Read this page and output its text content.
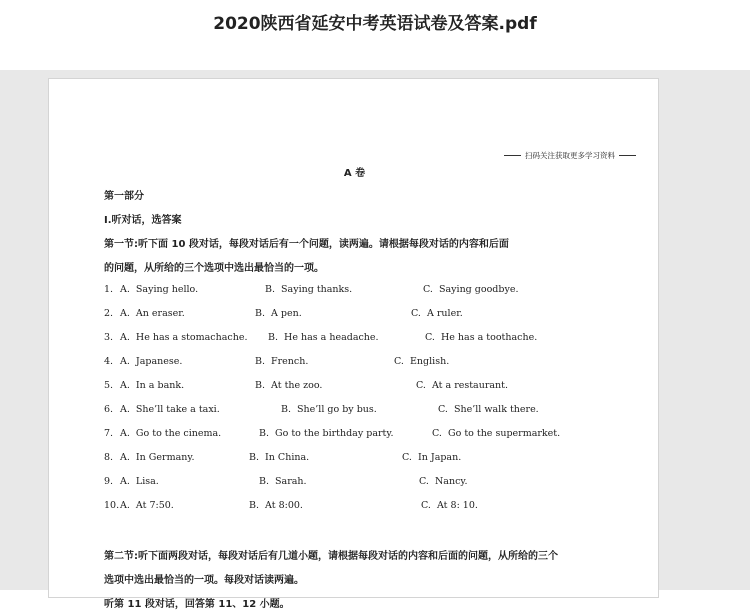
2020陕西省延安中考英语试卷及答案.pdf
扫码关注获取更多学习资料
A 卷
第一部分
I.听对话，选答案
第一节:听下面 10 段对话，每段对话后有一个问题，读两遍。请根据每段对话的内容和后面
的问题，从所给的三个选项中选出最恰当的一项。
1. A.  Saying hello.	B.  Saying thanks.	C.  Saying goodbye.
2. A.  An eraser.	B.  A pen.	C.  A ruler.
3. A.  He has a stomachache. B.  He has a headache.	C.  He has a toothache.
4. A.  Japanese.	B.  French.	C.  English.
5. A.  In a bank.	B.  At the zoo.	C.  At a restaurant.
6. A.  She’ll take a taxi.	B.  She’ll go by bus.	C.  She’ll walk there.
7. A.  Go to the cinema.	B.  Go to the birthday party.	C.  Go to the supermarket.
8. A.  In Germany.	B.  In China.	C.  In Japan.
9. A.  Lisa.	B.  Sarah.	C.  Nancy.
10. A.  At 7:50.	B.  At 8:00.	C.  At 8: 10.
第二节:听下面两段对话，每段对话后有几道小题，请根据每段对话的内容和后面的问题，从所给的三个
选项中选出最恰当的一项。每段对话读两遍。
听第 11 段对话，回答第 11、12 小题。
